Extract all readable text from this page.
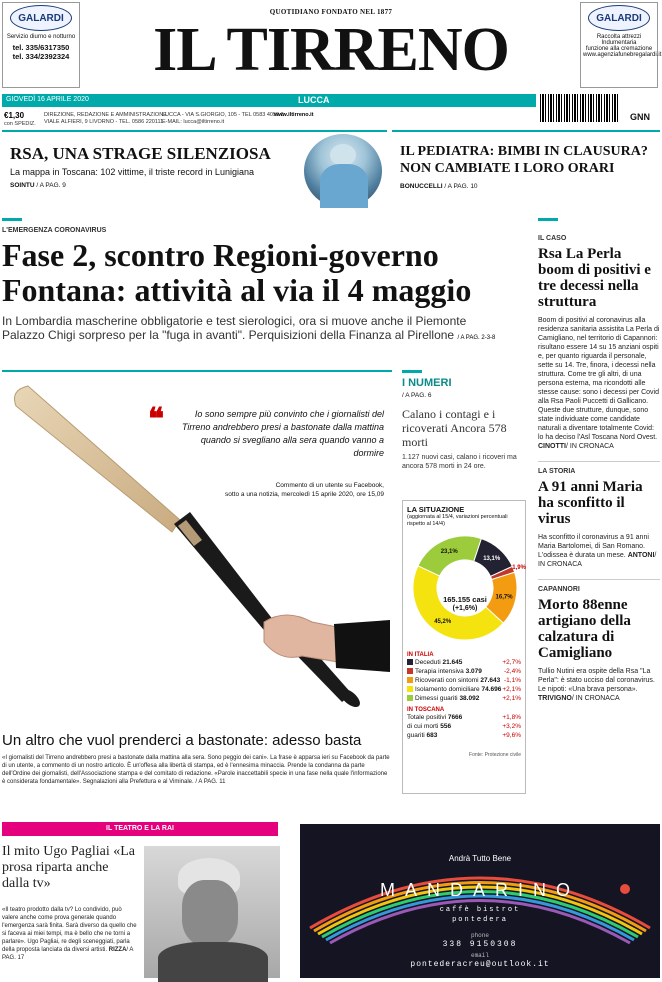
GALARDI
Servizio diurno e notturno
tel. 335/6317350
tel. 334/2392324
GALARDI
Raccolta attrezzi
Indumentaria
funzione alla cremazione
www.agenziafunebregalardi.it
QUOTIDIANO FONDATO NEL 1877
IL TIRRENO
GIOVEDÌ 16 APRILE 2020	LUCCA
GNN
€1,30
con SPEDIZ.
DIREZIONE, REDAZIONE E AMMINISTRAZIONE
VIALE ALFIERI, 9 LIVORNO - TEL. 0586 220111
LUCCA - VIA S.GIORGIO, 105 - TEL 0583 4059 0
E-MAIL: lucca@iltirreno.it
www.iltirreno.it
RSA, UNA STRAGE SILENZIOSA
La mappa in Toscana: 102 vittime, il triste record in Lunigiana
SOINTU / A PAG. 9
IL PEDIATRA: BIMBI IN CLAUSURA?
NON CAMBIATE I LORO ORARI
BONUCCELLI / A PAG. 10
L'EMERGENZA CORONAVIRUS
Fase 2, scontro Regioni-governo
Fontana: attività al via il 4 maggio
In Lombardia mascherine obbligatorie e test sierologici, ora si muove anche il Piemonte
Palazzo Chigi sorpreso per la "fuga in avanti". Perquisizioni della Finanza al Pirellone / A PAG. 2-3-8
❝	Io sono sempre più convinto che i giornalisti del Tirreno andrebbero presi a bastonate dalla mattina quando si svegliano alla sera quando vanno a dormire
Commento di un utente su Facebook,
sotto a una notizia, mercoledì 15 aprile 2020, ore 15,09
Un altro che vuol prenderci a bastonate: adesso basta
«I giornalisti del Tirreno andrebbero presi a bastonate dalla mattina alla sera. Sono peggio dei cani». La frase è apparsa ieri su Facebook da parte di un utente, a commento di un nostro articolo. È un'offesa alla libertà di stampa, ed è l'ennesima minaccia. Prende la condanna da parte dell'Ordine dei giornalisti, dell'Associazione stampa e del comitato di redazione. «Parole inaccettabili specie in una fase nella quale l'informazione è considerata fondamentale». Segnalazioni alla Prefettura e al Viminale. / A PAG. 11
I NUMERI
/ A PAG. 6
Calano i contagi e i ricoverati Ancora 578 morti
1.127 nuovi casi, calano i ricoveri ma ancora 578 morti in 24 ore.
LA SITUAZIONE
(aggiornata al 15/4, variazioni percentuali rispetto al 14/4)
23,1%
13,1%
1,9%
16,7%
45,2%
165.155 casi
(+1,6%)
IN ITALIA
Deceduti 21.645	+2,7%
Terapia intensiva 3.079	-2,4%
Ricoverati con sintomi 27.643 -1,1%
Isolamento domiciliare 74.696 +2,1%
Dimessi guariti 38.092	+2,1%
IN TOSCANA
Totale positivi 7666	+1,8%
di cui morti 556	+3,2%
guariti 683	+9,6%
Fonte: Protezione civile
IL CASO
Rsa La Perla boom di positivi e tre decessi nella struttura
Boom di positivi al coronavirus alla residenza sanitaria assistita La Perla di Camigliano, nel territorio di Capannori: risultano essere 14 su 15 anziani ospiti e, per quanto riguarda il personale, sette su 14. Tre, finora, i decessi nella struttura. Come tre gli altri, di una persona esterna, ma ricondotti alle stesse cause: sono i decessi per Covid alla Rsa Paoli Puccetti di Gallicano. Queste due strutture, dunque, sono state individuate come candidate naturali a diventare totalmente Covid: lo ha deciso l'Asl Toscana Nord Ovest. CINOTTI/ IN CRONACA
LA STORIA
A 91 anni Maria ha sconfitto il virus
Ha sconfitto il coronavirus a 91 anni Maria Bartolomei, di San Romano. L'odissea è durata un mese. ANTONI/ IN CRONACA
CAPANNORI
Morto 88enne artigiano della calzatura di Camigliano
Tullio Nutini era ospite della Rsa "La Perla": è stato ucciso dal coronavirus. Le nipoti: «Una brava persona». TRIVIGNO/ IN CRONACA
IL TEATRO E LA RAI
Il mito Ugo Pagliai «La prosa riparta anche dalla tv»
«Il teatro prodotto dalla tv? Lo condivido, può valere anche come prova generale quando l'emergenza sarà finita. Sarà diverso da quello che si faceva ai miei tempi, ma è bello che ne torni a parlare». Ugo Pagliai, re degli sceneggiati, parla della proposta lanciata da diversi artisti. RIZZA/ A PAG. 17
Andrà Tutto Bene
MANDARINO
caffè bistrot
pontedera
phone
338 9150308
email
pontederacreu@outlook.it
